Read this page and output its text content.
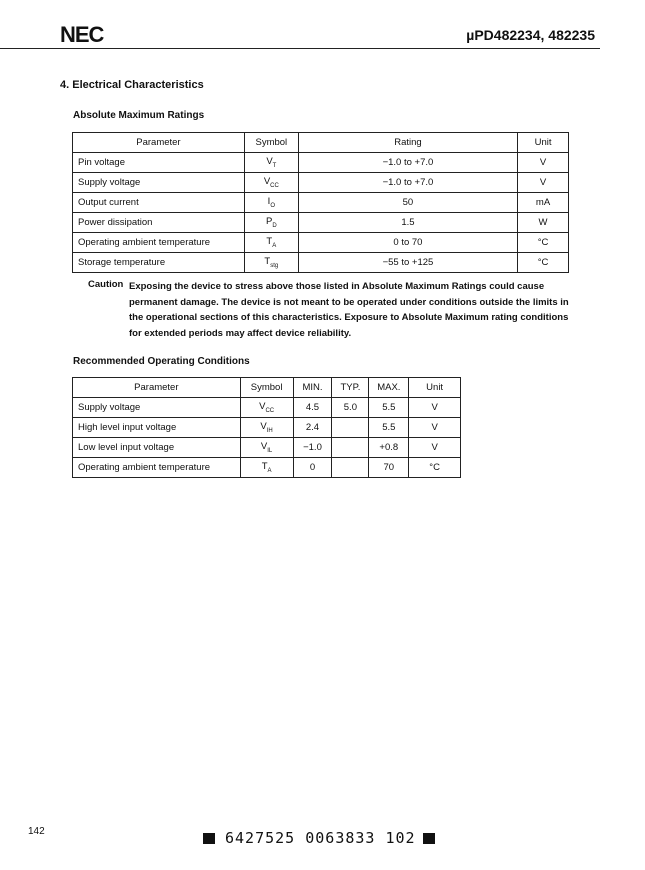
NEC	µPD482234, 482235
4. Electrical Characteristics
Absolute Maximum Ratings
Parameter	Symbol	Rating	Unit
Pin voltage	$V_T$	−1.0 to +7.0	V
Supply voltage	$V_{CC}$	−1.0 to +7.0	V
Output current	$I_O$	50	mA
Power dissipation	$P_D$	1.5	W
Operating ambient temperature	$T_A$	0 to 70	°C
Storage temperature	$T_{stg}$	−55 to +125	°C
Caution Exposing the device to stress above those listed in Absolute Maximum Ratings could cause permanent damage. The device is not meant to be operated under conditions outside the limits in the operational sections of this characteristics. Exposure to Absolute Maximum rating conditions for extended periods may affect device reliability.
Recommended Operating Conditions
Parameter	Symbol	MIN.	TYP.	MAX.	Unit
Supply voltage	$V_{CC}$	4.5	5.0	5.5	V
High level input voltage	$V_{IH}$	2.4		5.5	V
Low level input voltage	$V_{IL}$	−1.0		+0.8	V
Operating ambient temperature	$T_A$	0		70	°C
142	6427525 0063833 102
